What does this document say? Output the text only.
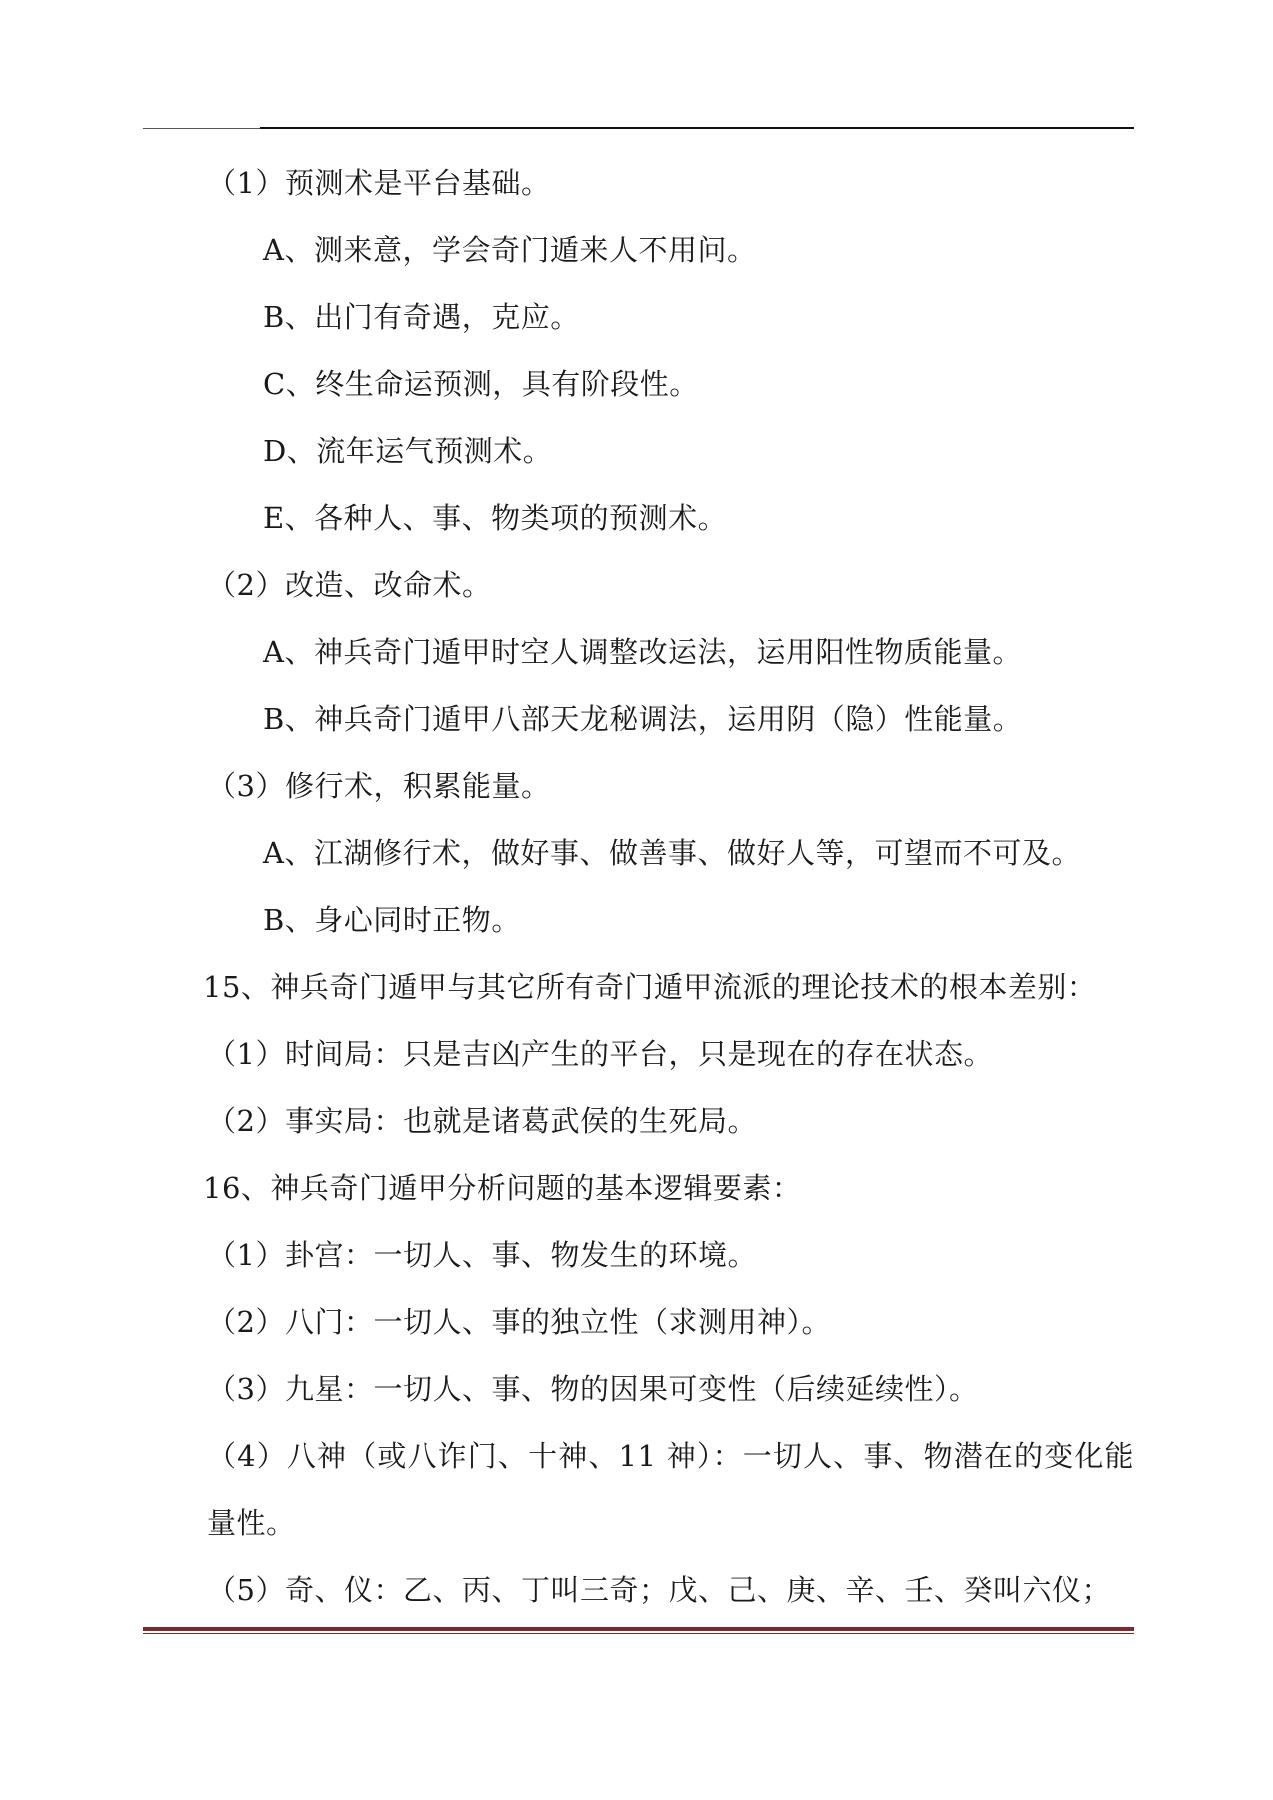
（1）预测术是平台基础。
A、测来意，学会奇门遁来人不用问。
B、出门有奇遇，克应。
C、终生命运预测，具有阶段性。
D、流年运气预测术。
E、各种人、事、物类项的预测术。
（2）改造、改命术。
A、神兵奇门遁甲时空人调整改运法，运用阳性物质能量。
B、神兵奇门遁甲八部天龙秘调法，运用阴（隐）性能量。
（3）修行术，积累能量。
A、江湖修行术，做好事、做善事、做好人等，可望而不可及。
B、身心同时正物。
15、神兵奇门遁甲与其它所有奇门遁甲流派的理论技术的根本差别：
（1）时间局：只是吉凶产生的平台，只是现在的存在状态。
（2）事实局：也就是诸葛武侯的生死局。
16、神兵奇门遁甲分析问题的基本逻辑要素：
（1）卦宫：一切人、事、物发生的环境。
（2）八门：一切人、事的独立性（求测用神）。
（3）九星：一切人、事、物的因果可变性（后续延续性）。
（4）八神（或八诈门、十神、11 神）：一切人、事、物潜在的变化能量性。
（5）奇、仪：乙、丙、丁叫三奇；戊、己、庚、辛、壬、癸叫六仪；
